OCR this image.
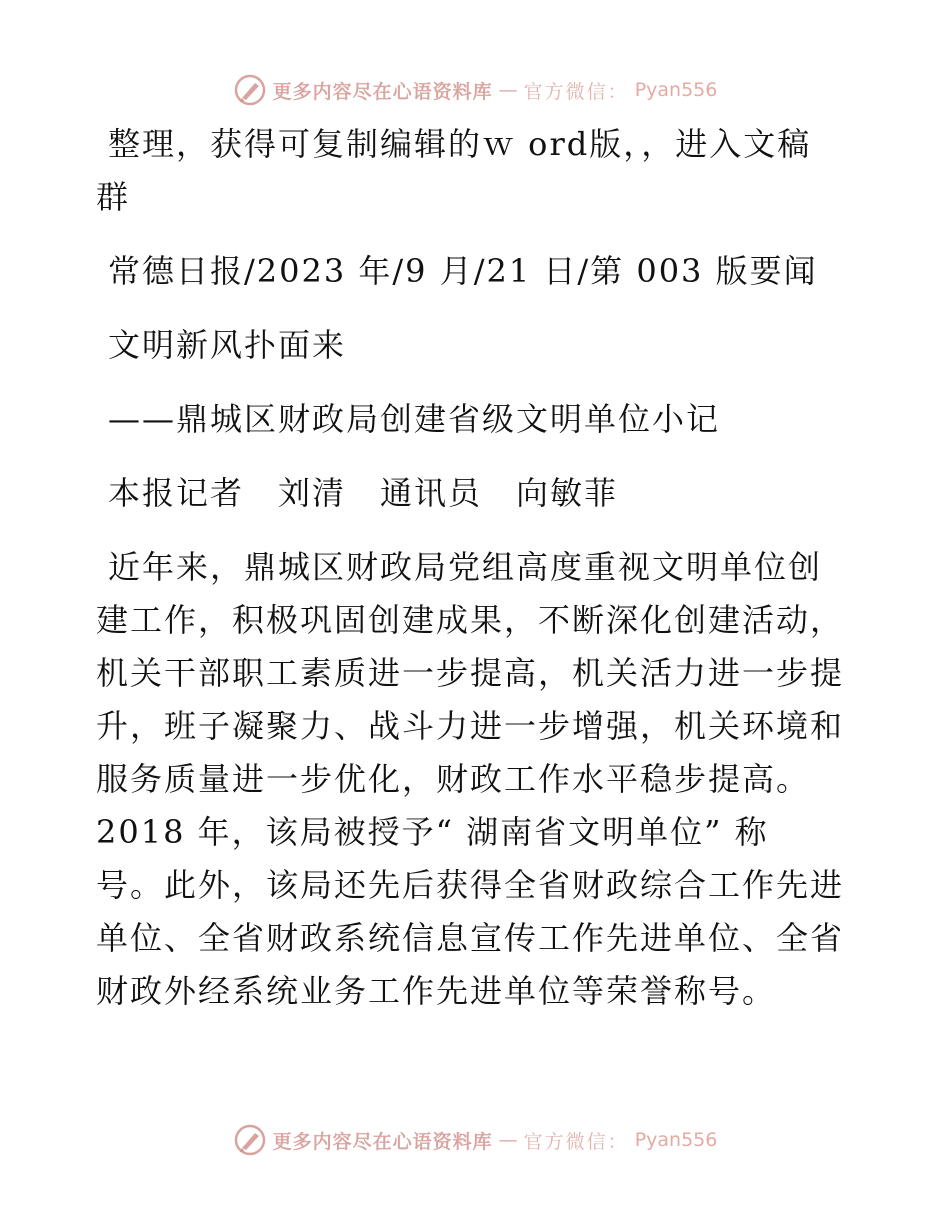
更多内容尽在心语资料库 — 官方微信： Pyan556
整理，获得可复制编辑的ｗ ord版，，进入文稿
群
常德日报/2023 年/9 月/21 日/第 003 版要闻
文明新风扑面来
——鼎城区财政局创建省级文明单位小记
本报记者　刘清　通讯员　向敏菲
近年来，鼎城区财政局党组高度重视文明单位创
建工作，积极巩固创建成果，不断深化创建活动，
机关干部职工素质进一步提高，机关活力进一步提
升，班子凝聚力、战斗力进一步增强，机关环境和
服务质量进一步优化，财政工作水平稳步提高。
2018 年，该局被授予“ 湖南省文明单位” 称
号。此外，该局还先后获得全省财政综合工作先进
单位、全省财政系统信息宣传工作先进单位、全省
财政外经系统业务工作先进单位等荣誉称号。
更多内容尽在心语资料库 — 官方微信： Pyan556
